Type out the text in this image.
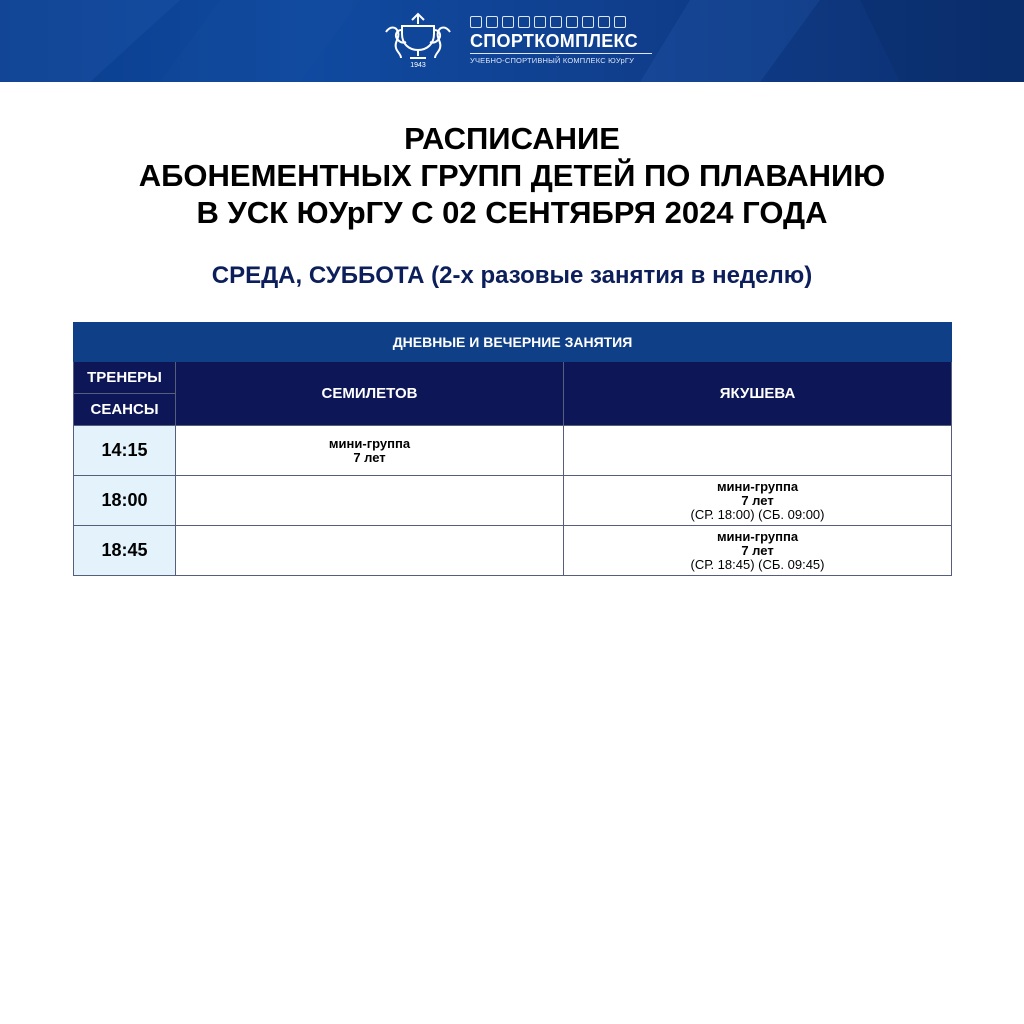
1943
СПОРТКОМПЛЕКС
УЧЕБНО-СПОРТИВНЫЙ КОМПЛЕКС ЮУрГУ
РАСПИСАНИЕ
АБОНЕМЕНТНЫХ ГРУПП ДЕТЕЙ ПО ПЛАВАНИЮ
В УСК ЮУрГУ С 02 СЕНТЯБРЯ 2024 ГОДА
СРЕДА, СУББОТА (2-х разовые занятия в неделю)
ДНЕВНЫЕ И ВЕЧЕРНИЕ ЗАНЯТИЯ		
ТРЕНЕРЫ	СЕМИЛЕТОВ	ЯКУШЕВА
СЕАНСЫ		
14:15	мини-группа
7 лет	

18:00		мини-группа
7 лет
(СР. 18:00) (СБ. 09:00)

18:45		мини-группа
7 лет
(СР. 18:45) (СБ. 09:45)
